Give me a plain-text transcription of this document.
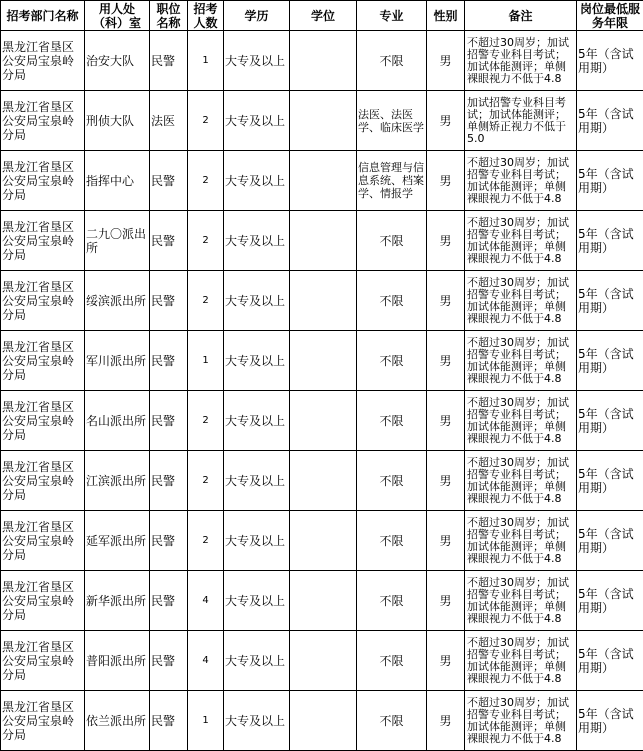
招考部门名称	用人处（科）室	职位名称	招考人数	学历	学位	专业	性别	备注	岗位最低服务年限
黑龙江省垦区公安局宝泉岭分局	治安大队	民警	1	大专及以上		不限	男	不超过30周岁；加试招警专业科目考试；加试体能测评；单侧裸眼视力不低于4.8	5年（含试用期）
黑龙江省垦区公安局宝泉岭分局	刑侦大队	法医	2	大专及以上		法医、法医学、临床医学	男	加试招警专业科目考试；加试体能测评；单侧矫正视力不低于5.0	5年（含试用期）
黑龙江省垦区公安局宝泉岭分局	指挥中心	民警	2	大专及以上		信息管理与信息系统、档案学、情报学	男	不超过30周岁；加试招警专业科目考试；加试体能测评；单侧裸眼视力不低于4.8	5年（含试用期）
黑龙江省垦区公安局宝泉岭分局	二九〇派出所	民警	2	大专及以上		不限	男	不超过30周岁；加试招警专业科目考试；加试体能测评；单侧裸眼视力不低于4.8	5年（含试用期）
黑龙江省垦区公安局宝泉岭分局	绥滨派出所	民警	2	大专及以上		不限	男	不超过30周岁；加试招警专业科目考试；加试体能测评；单侧裸眼视力不低于4.8	5年（含试用期）
黑龙江省垦区公安局宝泉岭分局	军川派出所	民警	1	大专及以上		不限	男	不超过30周岁；加试招警专业科目考试；加试体能测评；单侧裸眼视力不低于4.8	5年（含试用期）
黑龙江省垦区公安局宝泉岭分局	名山派出所	民警	2	大专及以上		不限	男	不超过30周岁；加试招警专业科目考试；加试体能测评；单侧裸眼视力不低于4.8	5年（含试用期）
黑龙江省垦区公安局宝泉岭分局	江滨派出所	民警	2	大专及以上		不限	男	不超过30周岁；加试招警专业科目考试；加试体能测评；单侧裸眼视力不低于4.8	5年（含试用期）
黑龙江省垦区公安局宝泉岭分局	延军派出所	民警	2	大专及以上		不限	男	不超过30周岁；加试招警专业科目考试；加试体能测评；单侧裸眼视力不低于4.8	5年（含试用期）
黑龙江省垦区公安局宝泉岭分局	新华派出所	民警	4	大专及以上		不限	男	不超过30周岁；加试招警专业科目考试；加试体能测评；单侧裸眼视力不低于4.8	5年（含试用期）
黑龙江省垦区公安局宝泉岭分局	普阳派出所	民警	4	大专及以上		不限	男	不超过30周岁；加试招警专业科目考试；加试体能测评；单侧裸眼视力不低于4.8	5年（含试用期）
黑龙江省垦区公安局宝泉岭分局	依兰派出所	民警	1	大专及以上		不限	男	不超过30周岁；加试招警专业科目考试；加试体能测评；单侧裸眼视力不低于4.8	5年（含试用期）
